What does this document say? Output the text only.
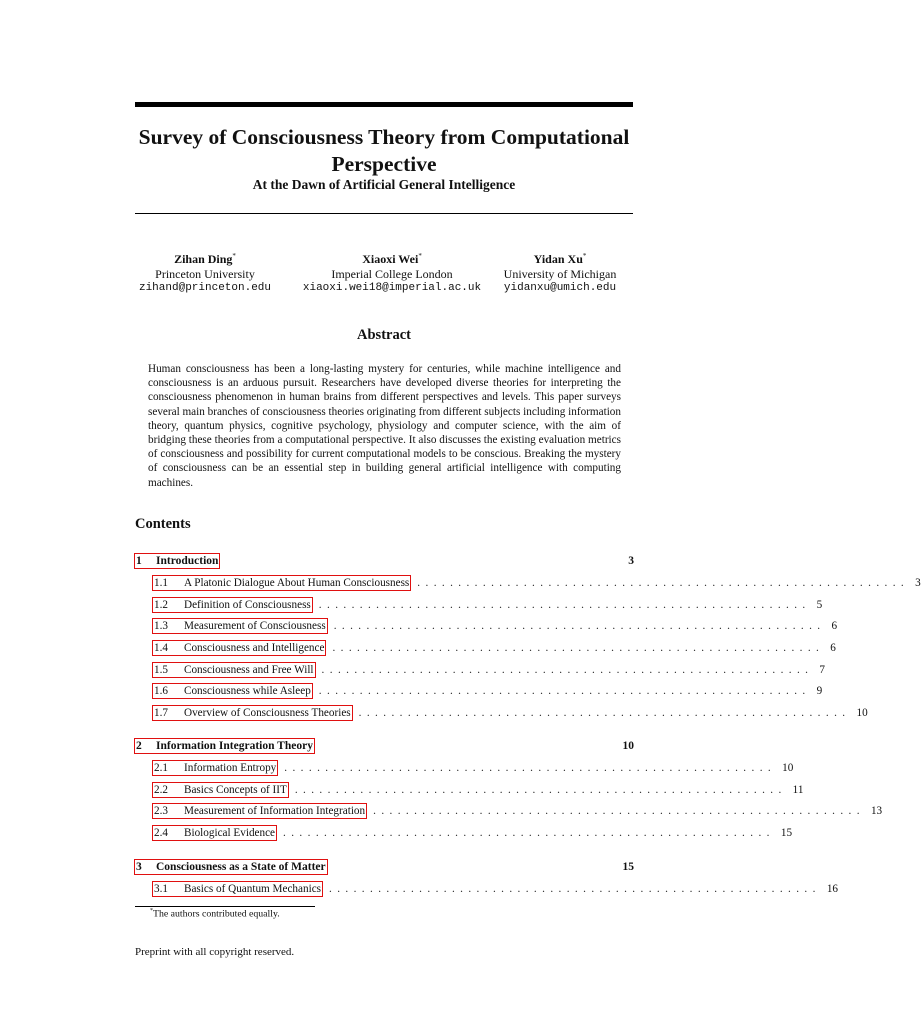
Survey of Consciousness Theory from Computational Perspective
At the Dawn of Artificial General Intelligence
Zihan Ding*
Princeton University
zihand@princeton.edu
Xiaoxi Wei*
Imperial College London
xiaoxi.wei18@imperial.ac.uk
Yidan Xu*
University of Michigan
yidanxu@umich.edu
Abstract

Human consciousness has been a long-lasting mystery for centuries, while machine intelligence and consciousness is an arduous pursuit. Researchers have developed diverse theories for interpreting the consciousness phenomenon in human brains from different perspectives and levels. This paper surveys several main branches of consciousness theories originating from different subjects including information theory, quantum physics, cognitive psychology, physiology and computer science, with the aim of bridging these theories from a computational perspective. It also discusses the existing evaluation metrics of consciousness and possibility for current computational models to be conscious. Breaking the mystery of consciousness can be an essential step in building general artificial intelligence with computing machines.

Contents
1	Introduction	3
1.1	A Platonic Dialogue About Human Consciousness ............................................................ 3
1.2	Definition of Consciousness ............................................................ 5
1.3	Measurement of Consciousness ............................................................ 6
1.4	Consciousness and Intelligence ............................................................ 6
1.5	Consciousness and Free Will ............................................................ 7
1.6	Consciousness while Asleep ............................................................ 9
1.7	Overview of Consciousness Theories ............................................................ 10
2	Information Integration Theory	10
2.1	Information Entropy ............................................................ 10
2.2	Basics Concepts of IIT ............................................................ 11
2.3	Measurement of Information Integration ............................................................ 13
2.4	Biological Evidence ............................................................ 15
3	Consciousness as a State of Matter	15
3.1	Basics of Quantum Mechanics ............................................................ 16

*The authors contributed equally.

Preprint with all copyright reserved.
